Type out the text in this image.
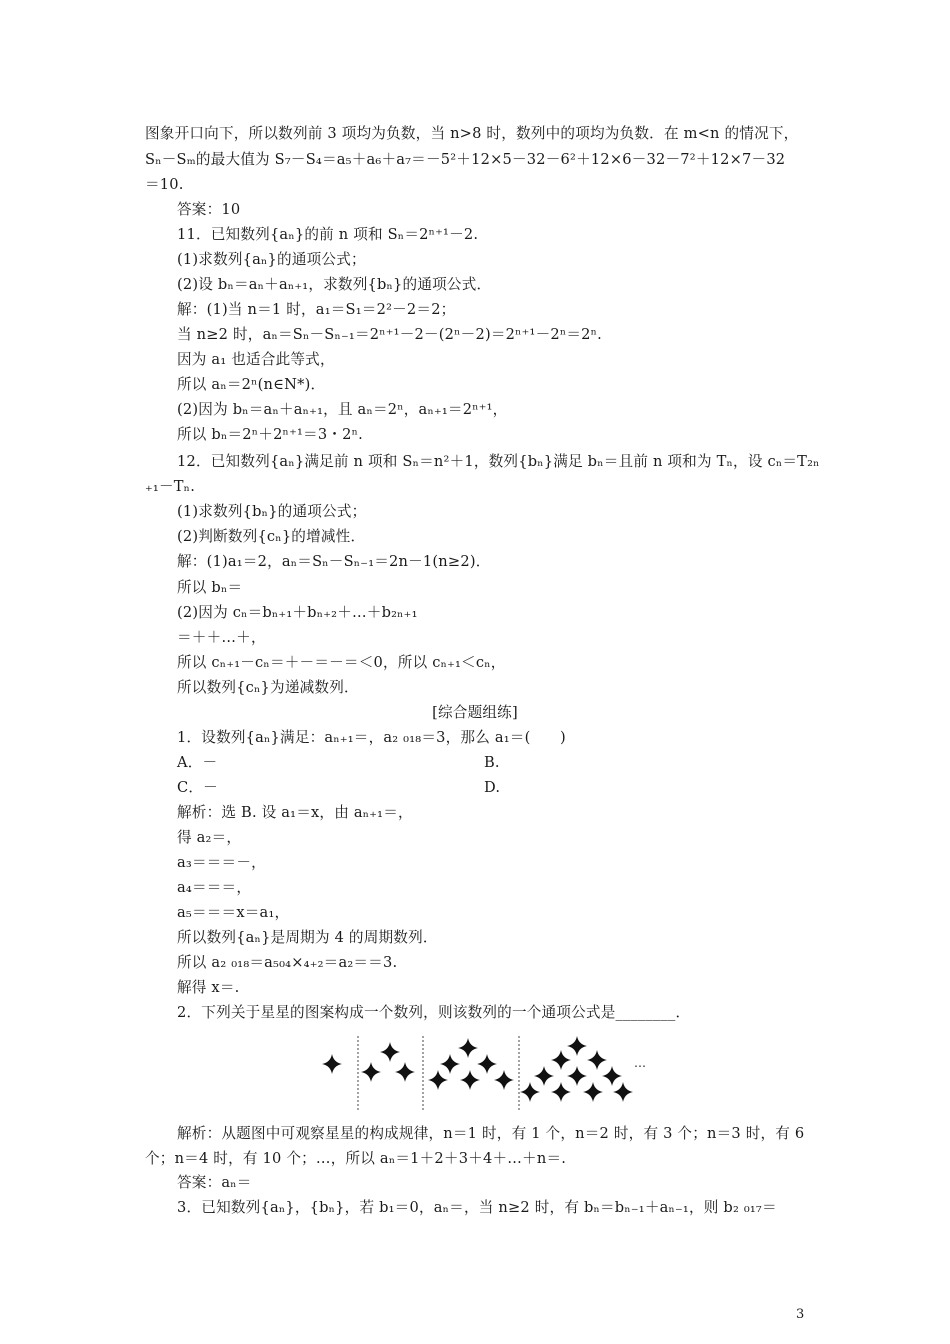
图象开口向下，所以数列前 3 项均为负数，当 n>8 时，数列中的项均为负数．在 m<n 的情况下，
Sₙ－Sₘ的最大值为 S₇－S₄＝a₅＋a₆＋a₇＝－5²＋12×5－32－6²＋12×6－32－7²＋12×7－32
＝10.
答案：10
11．已知数列{aₙ}的前 n 项和 Sₙ＝2ⁿ⁺¹－2.
(1)求数列{aₙ}的通项公式；
(2)设 bₙ＝aₙ＋aₙ₊₁，求数列{bₙ}的通项公式．
解：(1)当 n＝1 时，a₁＝S₁＝2²－2＝2；
当 n≥2 时，aₙ＝Sₙ－Sₙ₋₁＝2ⁿ⁺¹－2－(2ⁿ－2)＝2ⁿ⁺¹－2ⁿ＝2ⁿ.
因为 a₁ 也适合此等式，
所以 aₙ＝2ⁿ(n∈N*)．
(2)因为 bₙ＝aₙ＋aₙ₊₁，且 aₙ＝2ⁿ，aₙ₊₁＝2ⁿ⁺¹，
所以 bₙ＝2ⁿ＋2ⁿ⁺¹＝3・2ⁿ.
12．已知数列{aₙ}满足前 n 项和 Sₙ＝n²＋1，数列{bₙ}满足 bₙ＝且前 n 项和为 Tₙ，设 cₙ＝T₂ₙ
₊₁－Tₙ.
(1)求数列{bₙ}的通项公式；
(2)判断数列{cₙ}的增减性．
解：(1)a₁＝2，aₙ＝Sₙ－Sₙ₋₁＝2n－1(n≥2)．
所以 bₙ＝
(2)因为 cₙ＝bₙ₊₁＋bₙ₊₂＋…＋b₂ₙ₊₁
＝＋＋…＋，
所以 cₙ₊₁－cₙ＝＋－＝－＝＜0，所以 cₙ₊₁＜cₙ，
所以数列{cₙ}为递减数列．
[综合题组练]
1．设数列{aₙ}满足：aₙ₊₁＝，a₂ ₀₁₈＝3，那么 a₁＝(　　)
A．－	B.
C．－	D.
解析：选 B. 设 a₁＝x，由 aₙ₊₁＝，
得 a₂＝，
a₃＝＝＝－，
a₄＝＝＝，
a₅＝＝＝x＝a₁，
所以数列{aₙ}是周期为 4 的周期数列．
所以 a₂ ₀₁₈＝a₅₀₄×₄₊₂＝a₂＝＝3.
解得 x＝.
2．下列关于星星的图案构成一个数列，则该数列的一个通项公式是________．
…
解析：从题图中可观察星星的构成规律，n＝1 时，有 1 个，n＝2 时，有 3 个；n＝3 时，有 6
个；n＝4 时，有 10 个；…，所以 aₙ＝1＋2＋3＋4＋…＋n＝.
答案：aₙ＝
3．已知数列{aₙ}，{bₙ}，若 b₁＝0，aₙ＝，当 n≥2 时，有 bₙ＝bₙ₋₁＋aₙ₋₁，则 b₂ ₀₁₇＝
3
